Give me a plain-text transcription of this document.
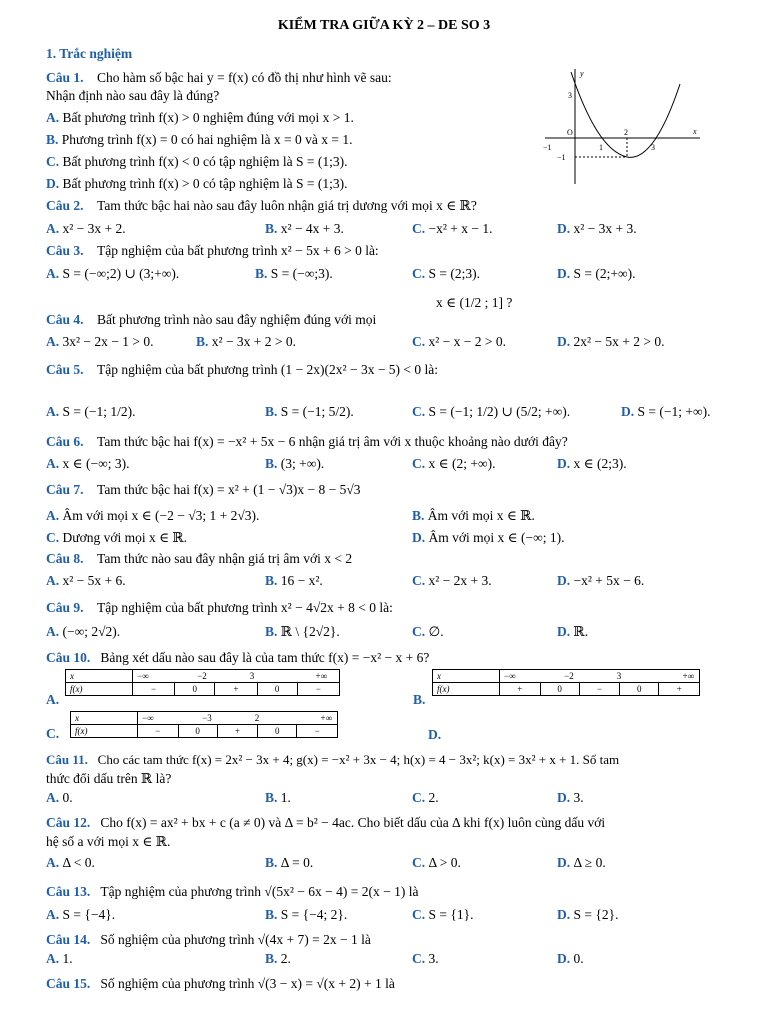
KIỂM TRA GIỮA KỲ 2 – DE SO 3
1. Trắc nghiệm
Câu 1. Cho hàm số bậc hai y = f(x) có đồ thị như hình vẽ sau:
Nhận định nào sau đây là đúng?
A. Bất phương trình f(x) > 0 nghiệm đúng với mọi x > 1.
B. Phương trình f(x) = 0 có hai nghiệm là x = 0 và x = 1.
C. Bất phương trình f(x) < 0 có tập nghiệm là S = (1;3).
D. Bất phương trình f(x) > 0 có tập nghiệm là S = (1;3).
y
x
O
3
−1	1
2
3
−1
Câu 2. Tam thức bậc hai nào sau đây luôn nhận giá trị dương với mọi x ∈ ℝ?
A. x² − 3x + 2.	B. x² − 4x + 3.	C. −x² + x − 1.	D. x² − 3x + 3.
Câu 3. Tập nghiệm của bất phương trình x² − 5x + 6 > 0 là:
A. S = (−∞;2) ∪ (3;+∞).	B. S = (−∞;3).	C. S = (2;3).	D. S = (2;+∞).
x ∈ (1/2 ; 1] ?
Câu 4. Bất phương trình nào sau đây nghiệm đúng với mọi
A. 3x² − 2x − 1 > 0.	B. x² − 3x + 2 > 0.	C. x² − x − 2 > 0.	D. 2x² − 5x + 2 > 0.
Câu 5. Tập nghiệm của bất phương trình (1 − 2x)(2x² − 3x − 5) < 0 là:
A. S = (−1; 1/2).	B. S = (−1; 5/2).	C. S = (−1; 1/2) ∪ (5/2; +∞).	D. S = (−1; +∞).
Câu 6. Tam thức bậc hai f(x) = −x² + 5x − 6 nhận giá trị âm với x thuộc khoảng nào dưới đây?
A. x ∈ (−∞; 3).	B. (3; +∞).	C. x ∈ (2; +∞).	D. x ∈ (2;3).
Câu 7. Tam thức bậc hai f(x) = x² + (1 − √3)x − 8 − 5√3
A. Âm với mọi x ∈ (−2 − √3; 1 + 2√3).	B. Âm với mọi x ∈ ℝ.
C. Dương với mọi x ∈ ℝ.	D. Âm với mọi x ∈ (−∞; 1).
Câu 8. Tam thức nào sau đây nhận giá trị âm với x < 2
A. x² − 5x + 6.	B. 16 − x².	C. x² − 2x + 3.	D. −x² + 5x − 6.
Câu 9. Tập nghiệm của bất phương trình x² − 4√2x + 8 < 0 là:
A. (−∞; 2√2).	B. ℝ \ {2√2}.	C. ∅.	D. ℝ.
Câu 10. Bảng xét dấu nào sau đây là của tam thức f(x) = −x² − x + 6?
A.
x	−∞ −2 3 +∞				
f(x)	−	0	+	0	−
B.
x	−∞ −2 3 +∞				
f(x)	+	0	−	0	+
C.
x	−∞ −3 2 +∞				
f(x)	−	0	+	0	−	D.
Câu 11. Cho các tam thức f(x) = 2x² − 3x + 4; g(x) = −x² + 3x − 4; h(x) = 4 − 3x²; k(x) = 3x² + x + 1. Số tam
thức đổi dấu trên ℝ là?
A. 0.	B. 1.	C. 2.	D. 3.
Câu 12. Cho f(x) = ax² + bx + c (a ≠ 0) và Δ = b² − 4ac. Cho biết dấu của Δ khi f(x) luôn cùng dấu với
hệ số a với mọi x ∈ ℝ.
A. Δ < 0.	B. Δ = 0.	C. Δ > 0.	D. Δ ≥ 0.
Câu 13. Tập nghiệm của phương trình √(5x² − 6x − 4) = 2(x − 1) là
A. S = {−4}.	B. S = {−4; 2}.	C. S = {1}.	D. S = {2}.
Câu 14. Số nghiệm của phương trình √(4x + 7) = 2x − 1 là
A. 1.	B. 2.	C. 3.	D. 0.
Câu 15. Số nghiệm của phương trình √(3 − x) = √(x + 2) + 1 là
